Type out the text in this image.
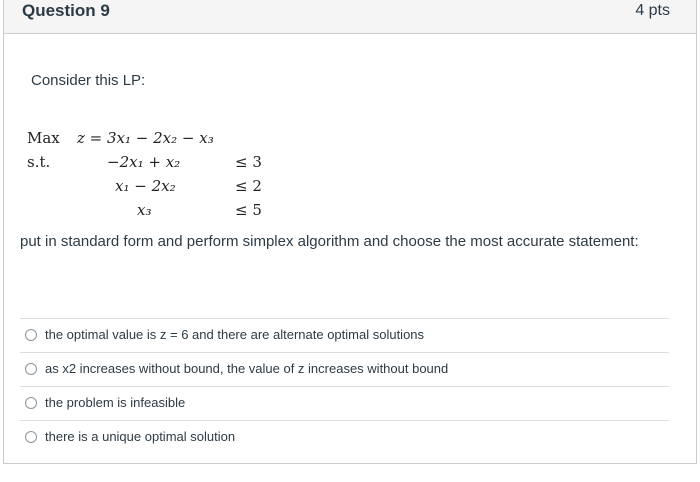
Question 9	4 pts
Consider this LP:
Max z = 3x₁ − 2x₂ − x₃
s.t.	−2x₁ + x₂	≤ 3
x₁ − 2x₂	≤ 2
x₃	≤ 5
put in standard form and perform simplex algorithm and choose the most accurate statement:
the optimal value is z = 6 and there are alternate optimal solutions
as x2 increases without bound, the value of z increases without bound
the problem is infeasible
there is a unique optimal solution
